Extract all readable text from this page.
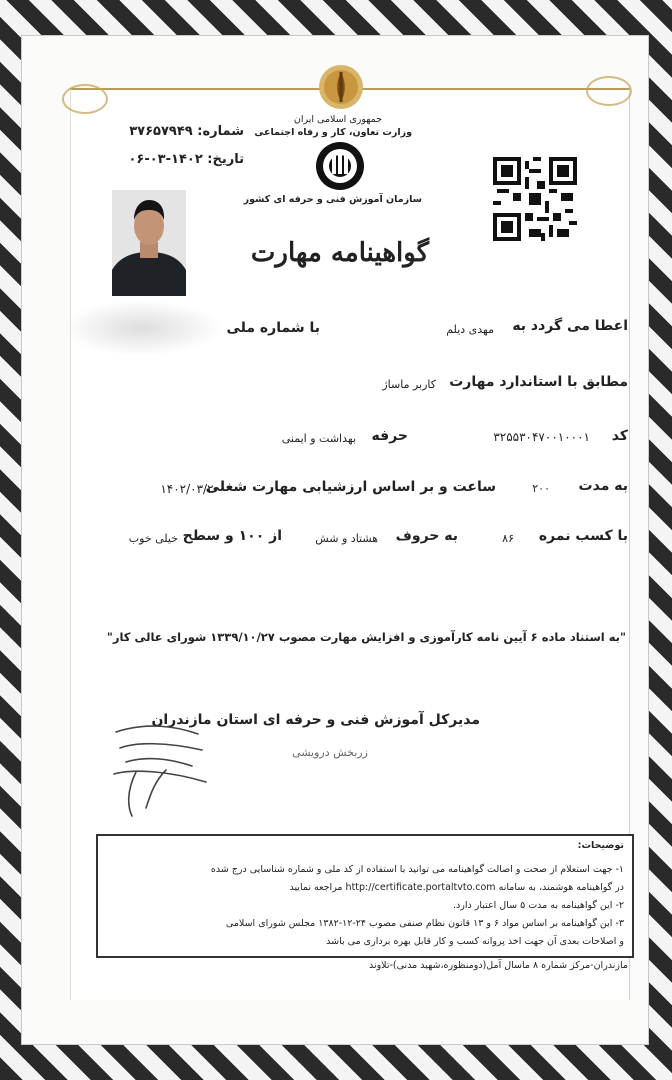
جمهوری اسلامی ایران
وزارت تعاون، کار و رفاه اجتماعی
سازمان آموزش فنی و حرفه ای کشور
شماره: ۳۷۶۵۷۹۴۹
تاریخ: ۱۴۰۲-۰۳-۰۶
گواهینامه مهارت
اعطا می گردد به
مهدی دیلم
با شماره ملی
مطابق با استاندارد مهارت
کاربر ماساژ
کد
۳۲۵۵۳۰۴۷۰۰۱۰۰۰۱
حرفه
بهداشت و ایمنی
به مدت
۲۰۰
ساعت و بر اساس ارزشیابی مهارت شغلی
۱۴۰۲/۰۳/۲۰
با کسب نمره
۸۶
به حروف
هشتاد و شش
از ۱۰۰ و سطح
خیلی خوب
"به استناد ماده ۶ آیین نامه کارآموزی و افزایش مهارت مصوب ۱۳۳۹/۱۰/۲۷ شورای عالی کار"
مدیرکل آموزش فنی و حرفه ای استان مازندران
زربخش درویشی
توضیحات:
۱- جهت استعلام از صحت و اصالت گواهینامه می توانید با استفاده از کد ملی و شماره شناسایی درج شده
در گواهینامه هوشمند، به سامانه http://certificate.portaltvto.com مراجعه نمایید
۲- این گواهینامه به مدت ۵ سال اعتبار دارد.
۳- این گواهینامه بر اساس مواد ۶ و ۱۳ قانون نظام صنفی مصوب ۲۴-۱۲-۱۳۸۲ مجلس شورای اسلامی
و اصلاحات بعدی آن جهت اخذ پروانه کسب و کار قابل بهره برداری می باشد
مازندران-مرکز شماره ۸ ماسال آمل(دومنظوره،شهید مدنی)-تلاوند
